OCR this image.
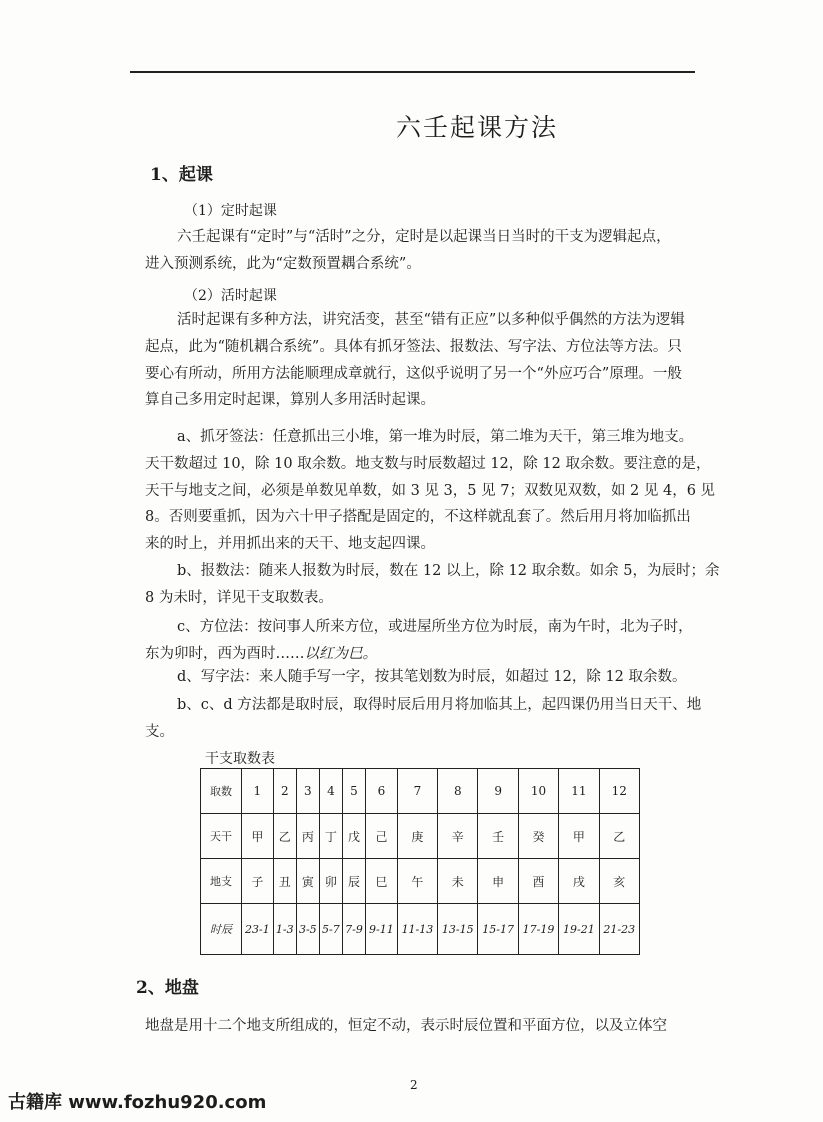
六壬起课方法
1、起课
（1）定时起课
六壬起课有“定时”与“活时”之分，定时是以起课当日当时的干支为逻辑起点，
进入预测系统，此为“定数预置耦合系统”。
（2）活时起课
活时起课有多种方法，讲究活变，甚至“错有正应”以多种似乎偶然的方法为逻辑
起点，此为“随机耦合系统”。具体有抓牙签法、报数法、写字法、方位法等方法。只
要心有所动，所用方法能顺理成章就行，这似乎说明了另一个“外应巧合”原理。一般
算自己多用定时起课，算别人多用活时起课。
a、抓牙签法：任意抓出三小堆，第一堆为时辰，第二堆为天干，第三堆为地支。
天干数超过 10，除 10 取余数。地支数与时辰数超过 12，除 12 取余数。要注意的是，
天干与地支之间，必须是单数见单数，如 3 见 3，5 见 7；双数见双数，如 2 见 4，6 见
8。否则要重抓，因为六十甲子搭配是固定的，不这样就乱套了。然后用月将加临抓出
来的时上，并用抓出来的天干、地支起四课。
b、报数法：随来人报数为时辰，数在 12 以上，除 12 取余数。如余 5，为辰时；余
8 为未时，详见干支取数表。
c、方位法：按问事人所来方位，或进屋所坐方位为时辰，南为午时，北为子时，
东为卯时，西为酉时……以红为巳。
d、写字法：来人随手写一字，按其笔划数为时辰，如超过 12，除 12 取余数。
b、c、d 方法都是取时辰，取得时辰后用月将加临其上，起四课仍用当日天干、地
支。
干支取数表
取数	1	2	3	4	5	6	7	8	9	10	11	12
天干	甲	乙	丙	丁	戊	己	庚	辛	壬	癸	甲	乙
地支	子	丑	寅	卯	辰	巳	午	未	申	酉	戌	亥
时辰	23-1	1-3	3-5	5-7	7-9	9-11	11-13	13-15	15-17	17-19	19-21	21-23
2、地盘
地盘是用十二个地支所组成的，恒定不动，表示时辰位置和平面方位，以及立体空
2
古籍库 www.fozhu920.com
